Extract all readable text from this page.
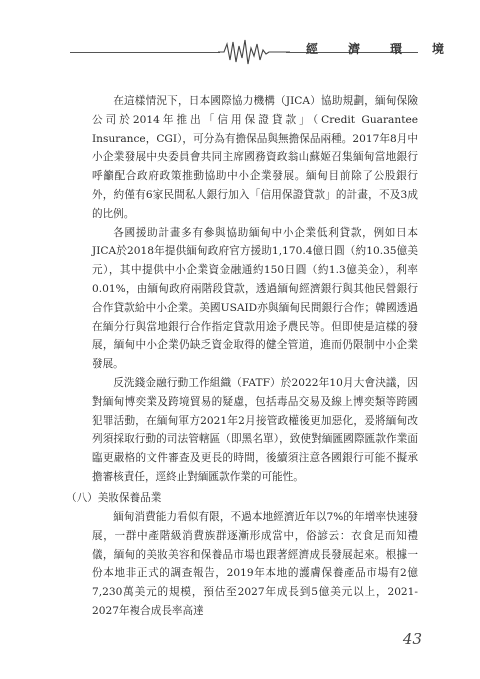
經　濟　環　境

在這樣情況下，日本國際協力機構（JICA）協助規劃，緬甸保險公司於2014年推出「信用保證貸款」（Credit Guarantee Insurance，CGI），可分為有擔保品與無擔保品兩種。2017年8月中小企業發展中央委員會共同主席國務資政翁山蘇姬召集緬甸當地銀行呼籲配合政府政策推動協助中小企業發展。緬甸目前除了公股銀行外，約僅有6家民間私人銀行加入「信用保證貸款」的計畫，不及3成的比例。

各國援助計畫多有參與協助緬甸中小企業低利貸款，例如日本JICA於2018年提供緬甸政府官方援助1,170.4億日圓（約10.35億美元），其中提供中小企業資金融通約150日圓（約1.3億美金），利率0.01%，由緬甸政府兩階段貸款，透過緬甸經濟銀行與其他民營銀行合作貸款給中小企業。美國USAID亦與緬甸民間銀行合作；韓國透過在緬分行與當地銀行合作指定貸款用途予農民等。但即使是這樣的發展，緬甸中小企業仍缺乏資金取得的健全管道，進而仍限制中小企業發展。

反洗錢金融行動工作組織（FATF）於2022年10月大會決議，因對緬甸博奕業及跨境貿易的疑慮，包括毒品交易及線上博奕類等跨國犯罪活動，在緬甸軍方2021年2月接管政權後更加惡化，爰將緬甸改列須採取行動的司法管轄區（即黑名單），致使對緬匯國際匯款作業面臨更嚴格的文件審查及更長的時間，後續須注意各國銀行可能不擬承擔審核責任，逕終止對緬匯款作業的可能性。

（八）美妝保養品業

緬甸消費能力看似有限，不過本地經濟近年以7%的年增率快速發展，一群中產階級消費族群逐漸形成當中，俗諺云：衣食足而知禮儀，緬甸的美妝美容和保養品市場也跟著經濟成長發展起來。根據一份本地非正式的調查報告，2019年本地的護膚保養產品市場有2億7,230萬美元的規模，預估至2027年成長到5億美元以上，2021-2027年複合成長率高達

43
